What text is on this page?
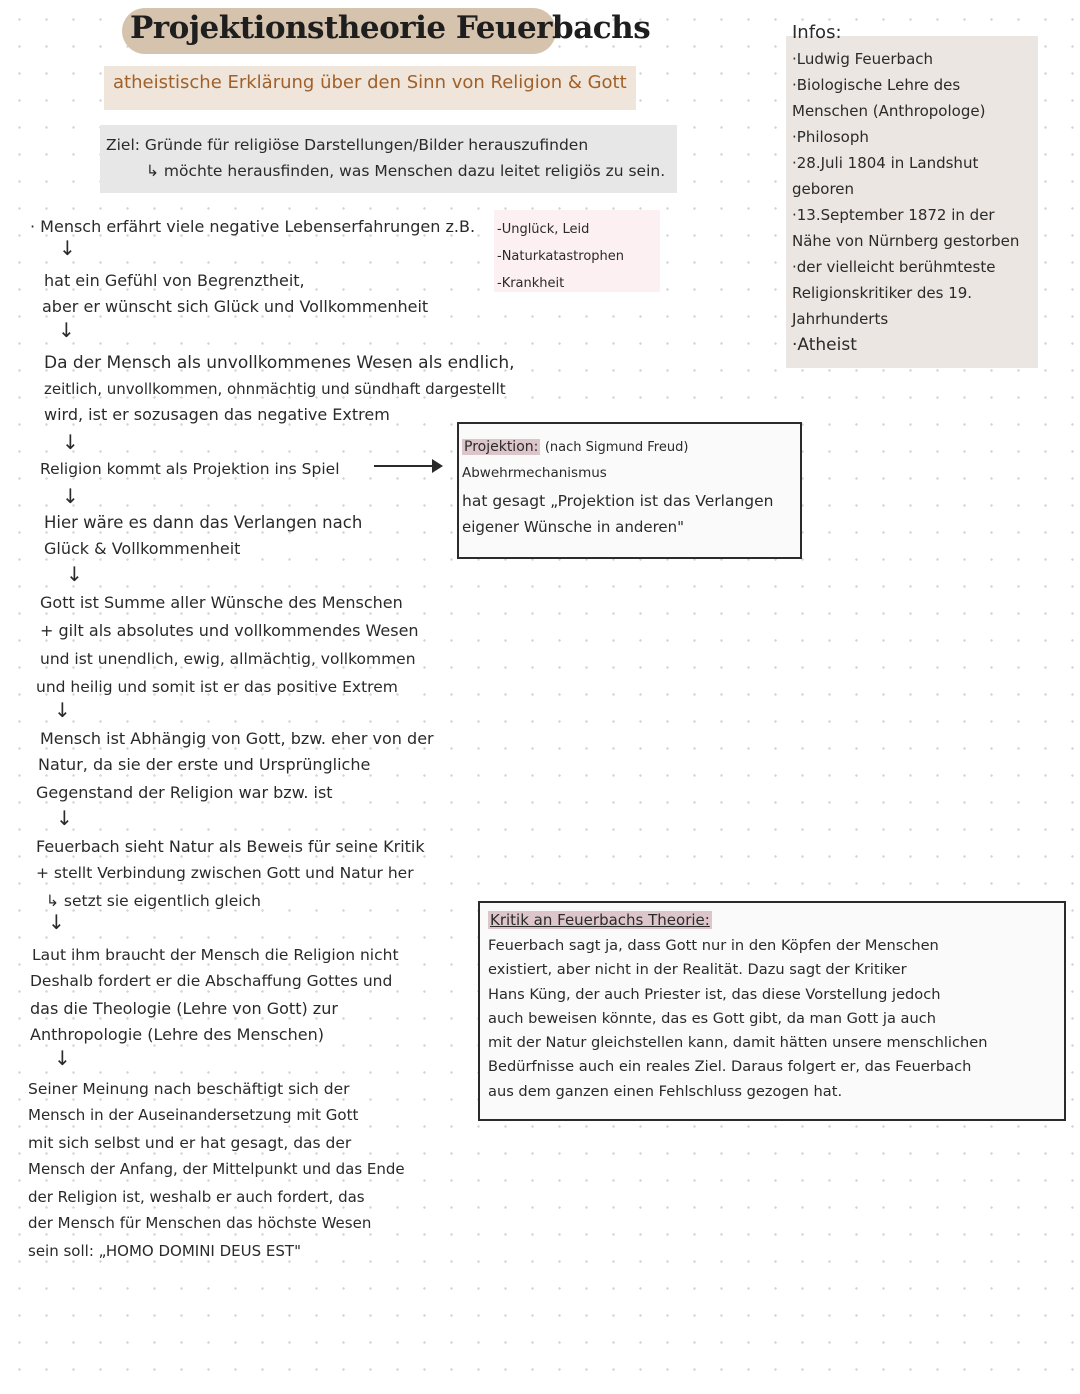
Projektionstheorie Feuerbachs
atheistische Erklärung über den Sinn von Religion & Gott
Ziel: Gründe für religiöse Darstellungen/Bilder herauszufinden
↳ möchte herausfinden, was Menschen dazu leitet religiös zu sein.
Infos:
·Ludwig Feuerbach
·Biologische Lehre des
Menschen (Anthropologe)
·Philosoph
·28.Juli 1804 in Landshut
geboren
·13.September 1872 in der
Nähe von Nürnberg gestorben
·der vielleicht berühmteste
Religionskritiker des 19.
Jahrhunderts
·Atheist
· Mensch erfährt viele negative Lebenserfahrungen z.B. -Unglück, Leid
-Naturkatastrophen
-Krankheit
↓
hat ein Gefühl von Begrenztheit,
aber er wünscht sich Glück und Vollkommenheit
↓
Da der Mensch als unvollkommenes Wesen als endlich,
zeitlich, unvollkommen, ohnmächtig und sündhaft dargestellt
wird, ist er sozusagen das negative Extrem
↓
Religion kommt als Projektion ins Spiel
↓
Projektion: (nach Sigmund Freud)
Abwehrmechanismus
hat gesagt „Projektion ist das Verlangen
eigener Wünsche in anderen"
Hier wäre es dann das Verlangen nach
Glück & Vollkommenheit
↓
Gott ist Summe aller Wünsche des Menschen
+ gilt als absolutes und vollkommendes Wesen
und ist unendlich, ewig, allmächtig, vollkommen
und heilig und somit ist er das positive Extrem
↓
Mensch ist Abhängig von Gott, bzw. eher von der
Natur, da sie der erste und Ursprüngliche
Gegenstand der Religion war bzw. ist
↓
Feuerbach sieht Natur als Beweis für seine Kritik
+ stellt Verbindung zwischen Gott und Natur her
↳ setzt sie eigentlich gleich
↓	Kritik an Feuerbachs Theorie:
Feuerbach sagt ja, dass Gott nur in den Köpfen der Menschen
existiert, aber nicht in der Realität. Dazu sagt der Kritiker
Hans Küng, der auch Priester ist, das diese Vorstellung jedoch
auch beweisen könnte, das es Gott gibt, da man Gott ja auch
mit der Natur gleichstellen kann, damit hätten unsere menschlichen
Bedürfnisse auch ein reales Ziel. Daraus folgert er, das Feuerbach
aus dem ganzen einen Fehlschluss gezogen hat.
Laut ihm braucht der Mensch die Religion nicht
Deshalb fordert er die Abschaffung Gottes und
das die Theologie (Lehre von Gott) zur
Anthropologie (Lehre des Menschen)
↓
Seiner Meinung nach beschäftigt sich der
Mensch in der Auseinandersetzung mit Gott
mit sich selbst und er hat gesagt, das der
Mensch der Anfang, der Mittelpunkt und das Ende
der Religion ist, weshalb er auch fordert, das
der Mensch für Menschen das höchste Wesen
sein soll: „HOMO DOMINI DEUS EST"
